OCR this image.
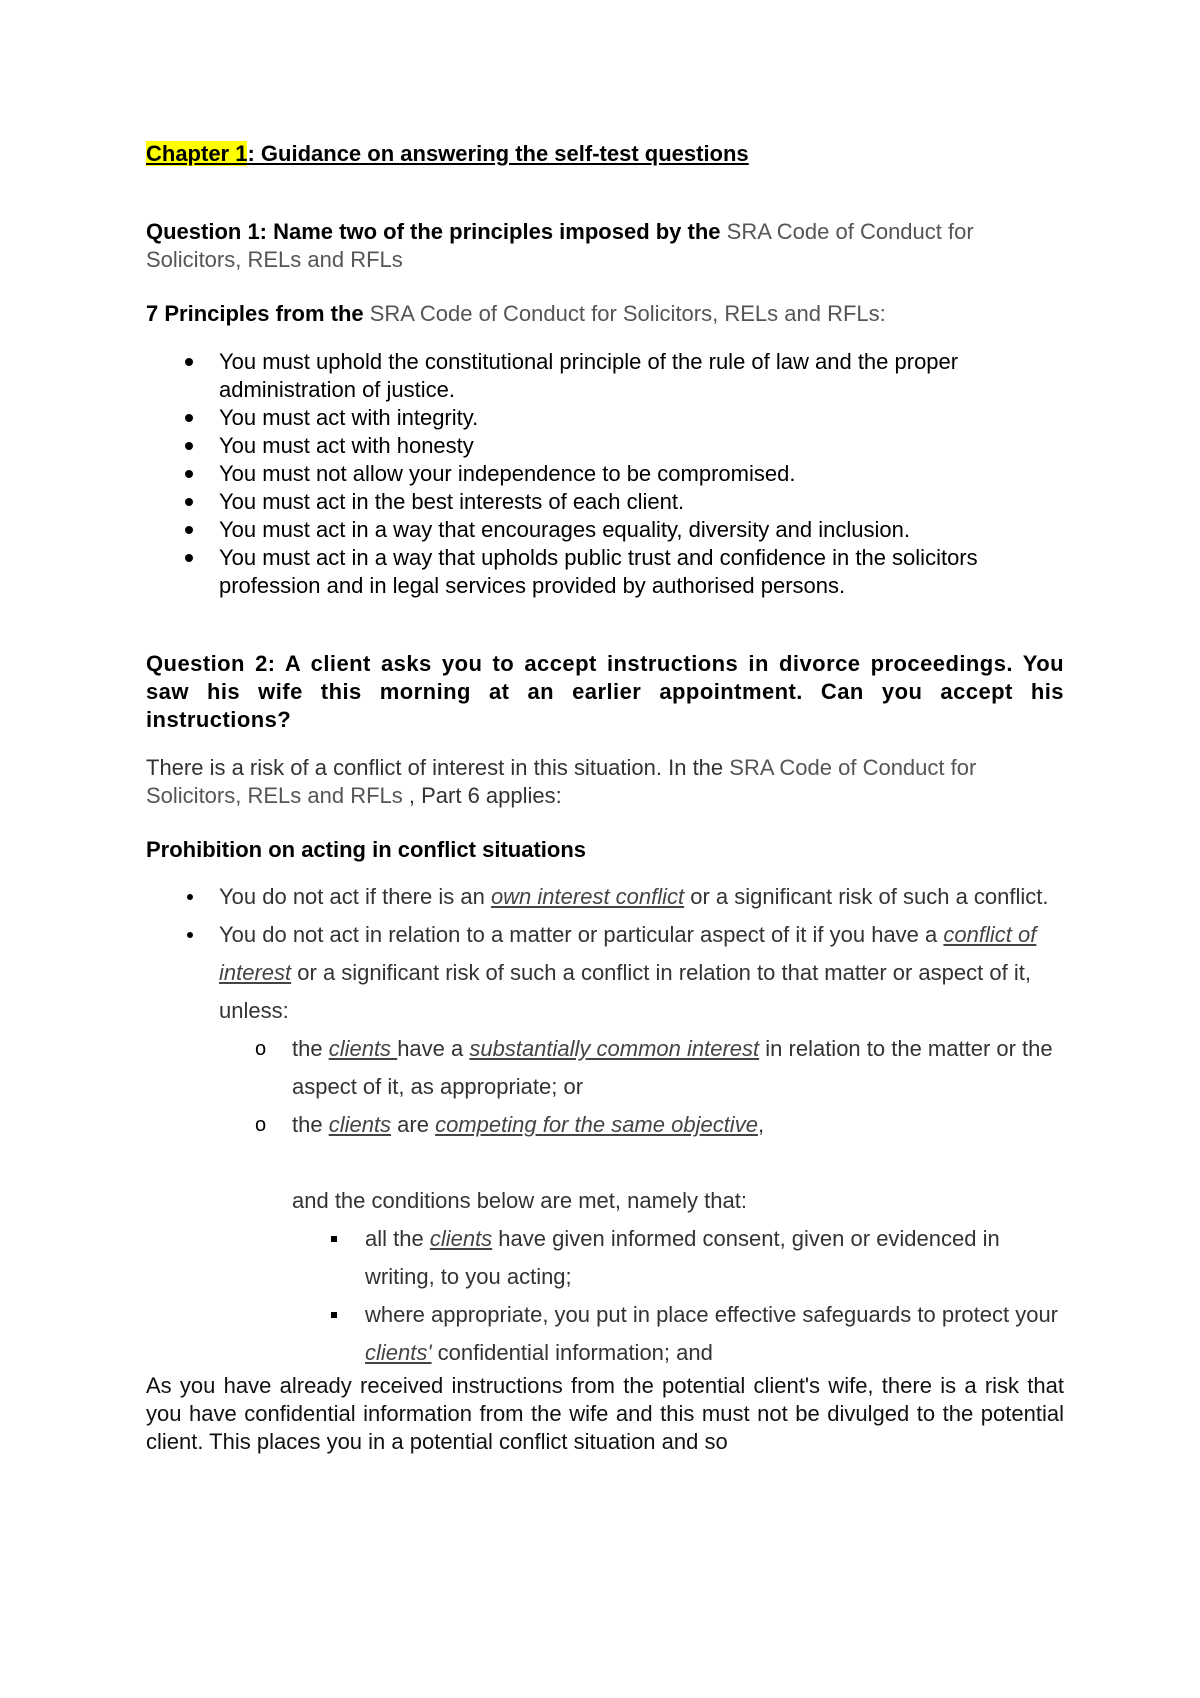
Chapter 1: Guidance on answering the self-test questions

Question 1: Name two of the principles imposed by the SRA Code of Conduct for Solicitors, RELs and RFLs

7 Principles from the SRA Code of Conduct for Solicitors, RELs and RFLs:

You must uphold the constitutional principle of the rule of law and the proper administration of justice.
You must act with integrity.
You must act with honesty
You must not allow your independence to be compromised.
You must act in the best interests of each client.
You must act in a way that encourages equality, diversity and inclusion.
You must act in a way that upholds public trust and confidence in the solicitors profession and in legal services provided by authorised persons.

Question 2: A client asks you to accept instructions in divorce proceedings. You saw his wife this morning at an earlier appointment. Can you accept his instructions?

There is a risk of a conflict of interest in this situation. In the SRA Code of Conduct for Solicitors, RELs and RFLs , Part 6 applies:

Prohibition on acting in conflict situations

You do not act if there is an own interest conflict or a significant risk of such a conflict.
You do not act in relation to a matter or particular aspect of it if you have a conflict of interest or a significant risk of such a conflict in relation to that matter or aspect of it, unless:
o the clients have a substantially common interest in relation to the matter or the aspect of it, as appropriate; or
o the clients are competing for the same objective,
and the conditions below are met, namely that:
all the clients have given informed consent, given or evidenced in writing, to you acting;
where appropriate, you put in place effective safeguards to protect your clients' confidential information; and

As you have already received instructions from the potential client's wife, there is a risk that you have confidential information from the wife and this must not be divulged to the potential client. This places you in a potential conflict situation and so
